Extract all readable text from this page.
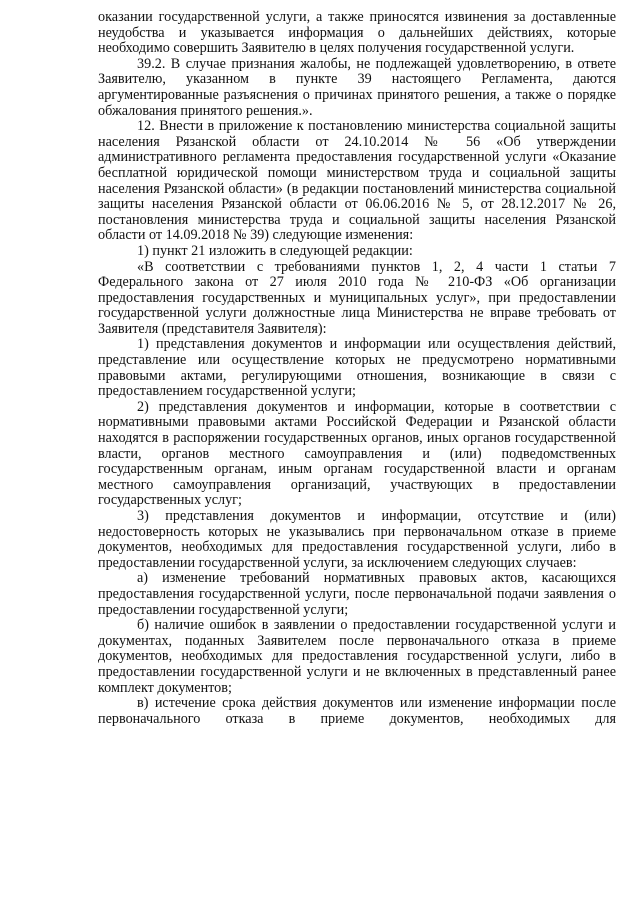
оказании государственной услуги, а также приносятся извинения за доставленные неудобства и указывается информация о дальнейших действиях, которые необходимо совершить Заявителю в целях получения государственной услуги.

39.2. В случае признания жалобы, не подлежащей удовлетворению, в ответе Заявителю, указанном в пункте 39 настоящего Регламента, даются аргументированные разъяснения о причинах принятого решения, а также о порядке обжалования принятого решения.».

12. Внести в приложение к постановлению министерства социальной защиты населения Рязанской области от 24.10.2014 № 56 «Об утверждении административного регламента предоставления государственной услуги «Оказание бесплатной юридической помощи министерством труда и социальной защиты населения Рязанской области» (в редакции постановлений министерства социальной защиты населения Рязанской области от 06.06.2016 № 5, от 28.12.2017 № 26, постановления министерства труда и социальной защиты населения Рязанской области от 14.09.2018 № 39) следующие изменения:

1) пункт 21 изложить в следующей редакции:

«В соответствии с требованиями пунктов 1, 2, 4 части 1 статьи 7 Федерального закона от 27 июля 2010 года № 210-ФЗ «Об организации предоставления государственных и муниципальных услуг», при предоставлении государственной услуги должностные лица Министерства не вправе требовать от Заявителя (представителя Заявителя):

1) представления документов и информации или осуществления действий, представление или осуществление которых не предусмотрено нормативными правовыми актами, регулирующими отношения, возникающие в связи с предоставлением государственной услуги;

2) представления документов и информации, которые в соответствии с нормативными правовыми актами Российской Федерации и Рязанской области находятся в распоряжении государственных органов, иных органов государственной власти, органов местного самоуправления и (или) подведомственных государственным органам, иным органам государственной власти и органам местного самоуправления организаций, участвующих в предоставлении государственных услуг;

3) представления документов и информации, отсутствие и (или) недостоверность которых не указывались при первоначальном отказе в приеме документов, необходимых для предоставления государственной услуги, либо в предоставлении государственной услуги, за исключением следующих случаев:

а) изменение требований нормативных правовых актов, касающихся предоставления государственной услуги, после первоначальной подачи заявления о предоставлении государственной услуги;

б) наличие ошибок в заявлении о предоставлении государственной услуги и документах, поданных Заявителем после первоначального отказа в приеме документов, необходимых для предоставления государственной услуги, либо в предоставлении государственной услуги и не включенных в представленный ранее комплект документов;

в) истечение срока действия документов или изменение информации после первоначального отказа в приеме документов, необходимых для
